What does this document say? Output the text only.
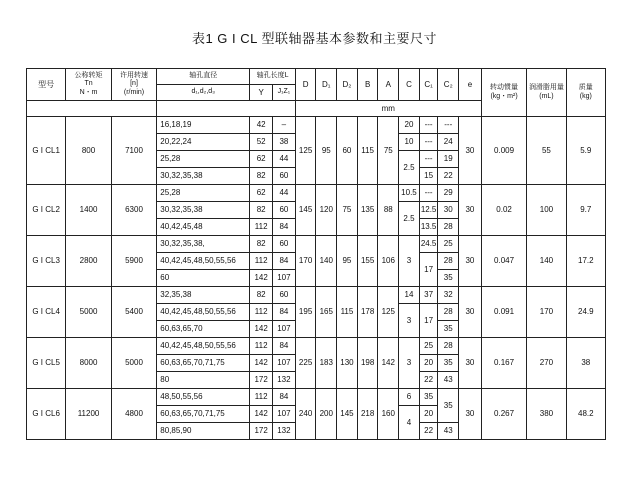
表1 G I CL 型联轴器基本参数和主要尺寸
型号	公称转矩
Tn
N・m	许用转速
[n]
(r/min)	轴孔直径	轴孔长度L		D	D₁	D₂	B	A	C	C₁	C₂	e	转动惯量
(kg・m²)	润滑脂用量
(mL)	质量
(kg)
			d₁,d₂,d₃	Y	J₁Z₁												
						mm											
G I CL1	800	7100	16,18,19	42	–	125	95	60	115	75	20	---	---	30	0.009	55	5.9
			20,22,24	52	38						10	---	24				
			25,28	62	44						2.5	---	19				
			30,32,35,38	82	60							15	22				
G I CL2	1400	6300	25,28	62	44	145	120	75	135	88	10.5	---	29	30	0.02	100	9.7
			30,32,35,38	82	60						2.5	12.5	30				
			40,42,45,48	112	84							13.5	28				
G I CL3	2800	5900	30,32,35,38,	82	60	170	140	95	155	106	3	24.5	25	30	0.047	140	17.2
			40,42,45,48,50,55,56	112	84							17	28				
			60	142	107								35				
G I CL4	5000	5400	32,35,38	82	60	195	165	115	178	125	14	37	32	30	0.091	170	24.9
			40,42,45,48,50,55,56	112	84						3	17	28				
			60,63,65,70	142	107								35				
G I CL5	8000	5000	40,42,45,48,50,55,56	112	84	225	183	130	198	142	3	25	28	30	0.167	270	38
			60,63,65,70,71,75	142	107							20	35				
			80	172	132							22	43				
G I CL6	11200	4800	48,50,55,56	112	84	240	200	145	218	160	6	35	35	30	0.267	380	48.2
			60,63,65,70,71,75	142	107						4	20					
			80,85,90	172	132							22	43				
